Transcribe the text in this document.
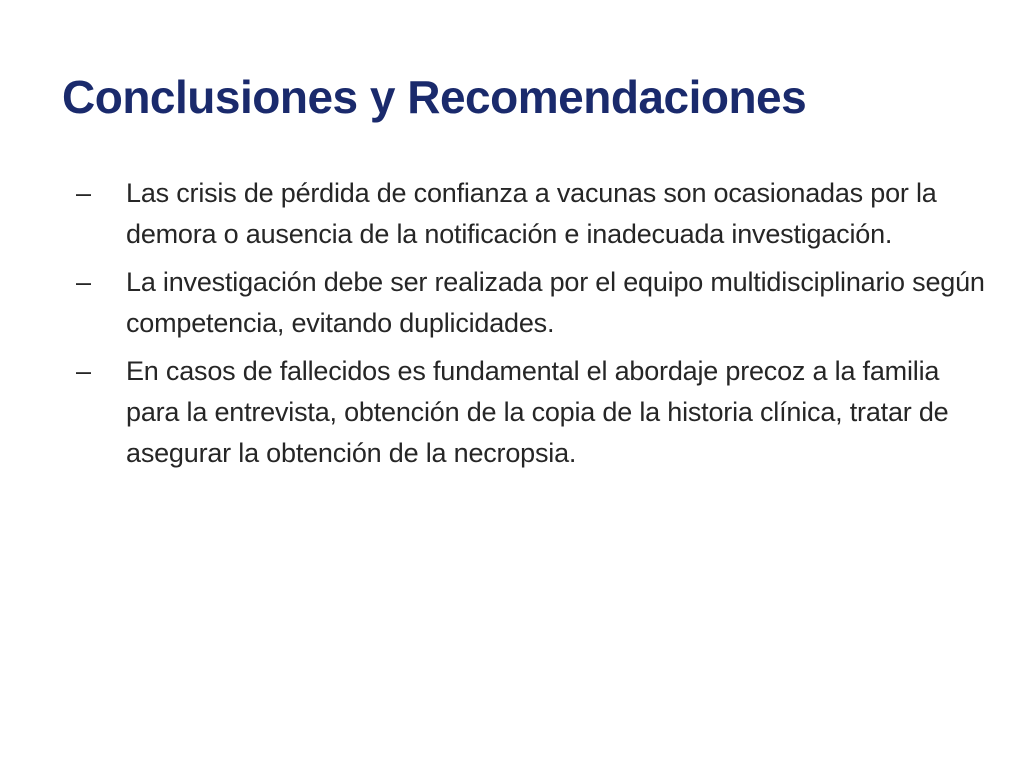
Conclusiones y Recomendaciones
–	Las crisis de pérdida de confianza a vacunas son ocasionadas por la demora o ausencia de la notificación e inadecuada investigación.
–	La investigación debe ser realizada por el equipo multidisciplinario según competencia, evitando duplicidades.
–	En casos de fallecidos es fundamental el abordaje precoz a la familia para la entrevista, obtención de la copia de la historia clínica, tratar de asegurar la obtención de la necropsia.
